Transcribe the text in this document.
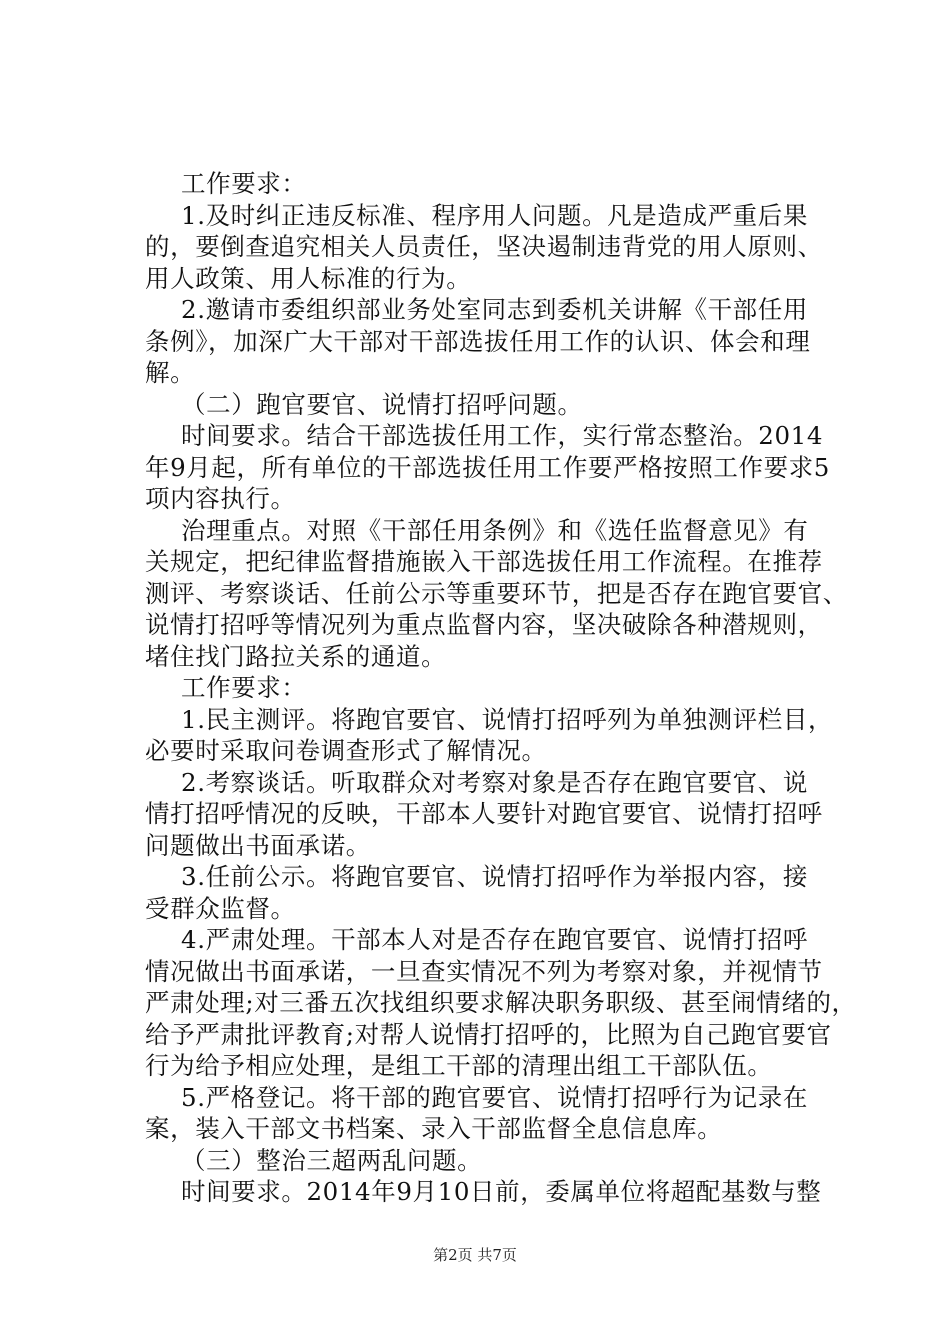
工作要求：
1.及时纠正违反标准、程序用人问题。凡是造成严重后果
的，要倒查追究相关人员责任，坚决遏制违背党的用人原则、
用人政策、用人标准的行为。
2.邀请市委组织部业务处室同志到委机关讲解《干部任用
条例》，加深广大干部对干部选拔任用工作的认识、体会和理
解。
（二）跑官要官、说情打招呼问题。
时间要求。结合干部选拔任用工作，实行常态整治。2014
年9月起，所有单位的干部选拔任用工作要严格按照工作要求5
项内容执行。
治理重点。对照《干部任用条例》和《选任监督意见》有
关规定，把纪律监督措施嵌入干部选拔任用工作流程。在推荐
测评、考察谈话、任前公示等重要环节，把是否存在跑官要官、
说情打招呼等情况列为重点监督内容，坚决破除各种潜规则，
堵住找门路拉关系的通道。
工作要求：
1.民主测评。将跑官要官、说情打招呼列为单独测评栏目，
必要时采取问卷调查形式了解情况。
2.考察谈话。听取群众对考察对象是否存在跑官要官、说
情打招呼情况的反映，干部本人要针对跑官要官、说情打招呼
问题做出书面承诺。
3.任前公示。将跑官要官、说情打招呼作为举报内容，接
受群众监督。
4.严肃处理。干部本人对是否存在跑官要官、说情打招呼
情况做出书面承诺，一旦查实情况不列为考察对象，并视情节
严肃处理;对三番五次找组织要求解决职务职级、甚至闹情绪的，
给予严肃批评教育;对帮人说情打招呼的，比照为自己跑官要官
行为给予相应处理，是组工干部的清理出组工干部队伍。
5.严格登记。将干部的跑官要官、说情打招呼行为记录在
案，装入干部文书档案、录入干部监督全息信息库。
（三）整治三超两乱问题。
时间要求。2014年9月10日前，委属单位将超配基数与整
第2页 共7页
